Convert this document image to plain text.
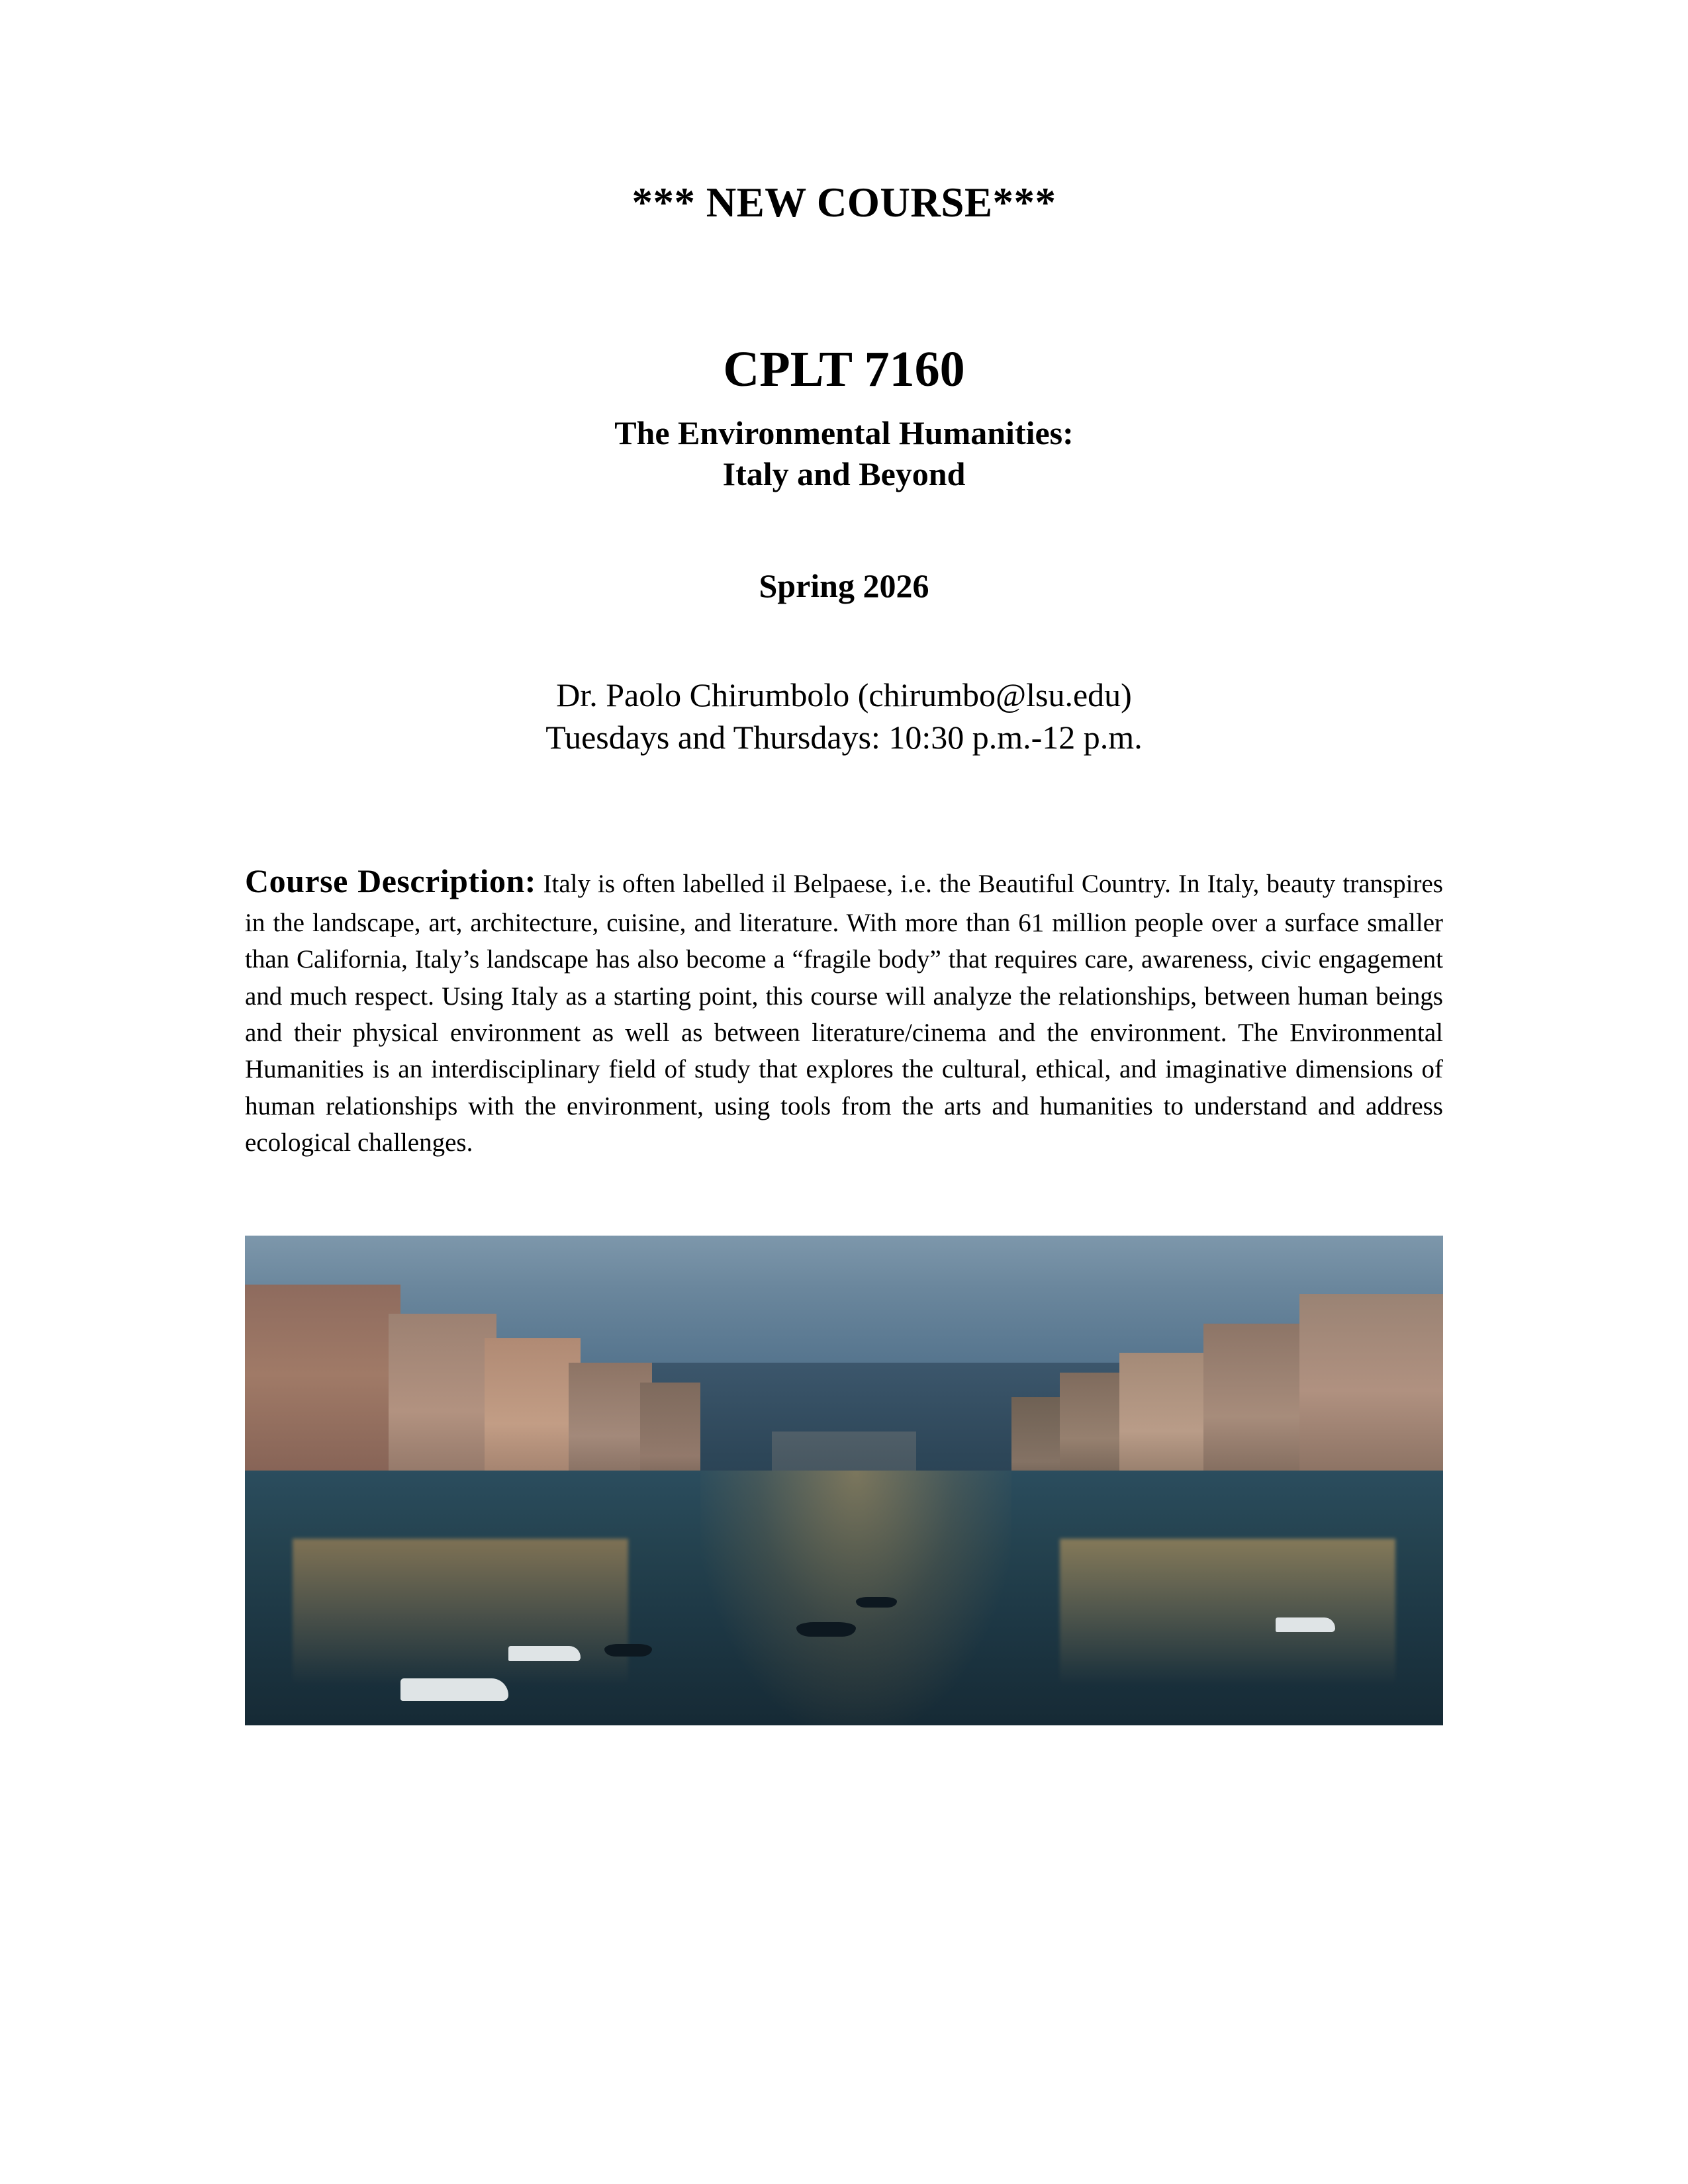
*** NEW COURSE***
CPLT 7160
The Environmental Humanities:
Italy and Beyond
Spring 2026
Dr. Paolo Chirumbolo (chirumbo@lsu.edu)
Tuesdays and Thursdays: 10:30 p.m.-12 p.m.
Course Description: Italy is often labelled il Belpaese, i.e. the Beautiful Country. In Italy, beauty transpires in the landscape, art, architecture, cuisine, and literature. With more than 61 million people over a surface smaller than California, Italy’s landscape has also become a “fragile body” that requires care, awareness, civic engagement and much respect. Using Italy as a starting point, this course will analyze the relationships, between human beings and their physical environment as well as between literature/cinema and the environment. The Environmental Humanities is an interdisciplinary field of study that explores the cultural, ethical, and imaginative dimensions of human relationships with the environment, using tools from the arts and humanities to understand and address ecological challenges.
